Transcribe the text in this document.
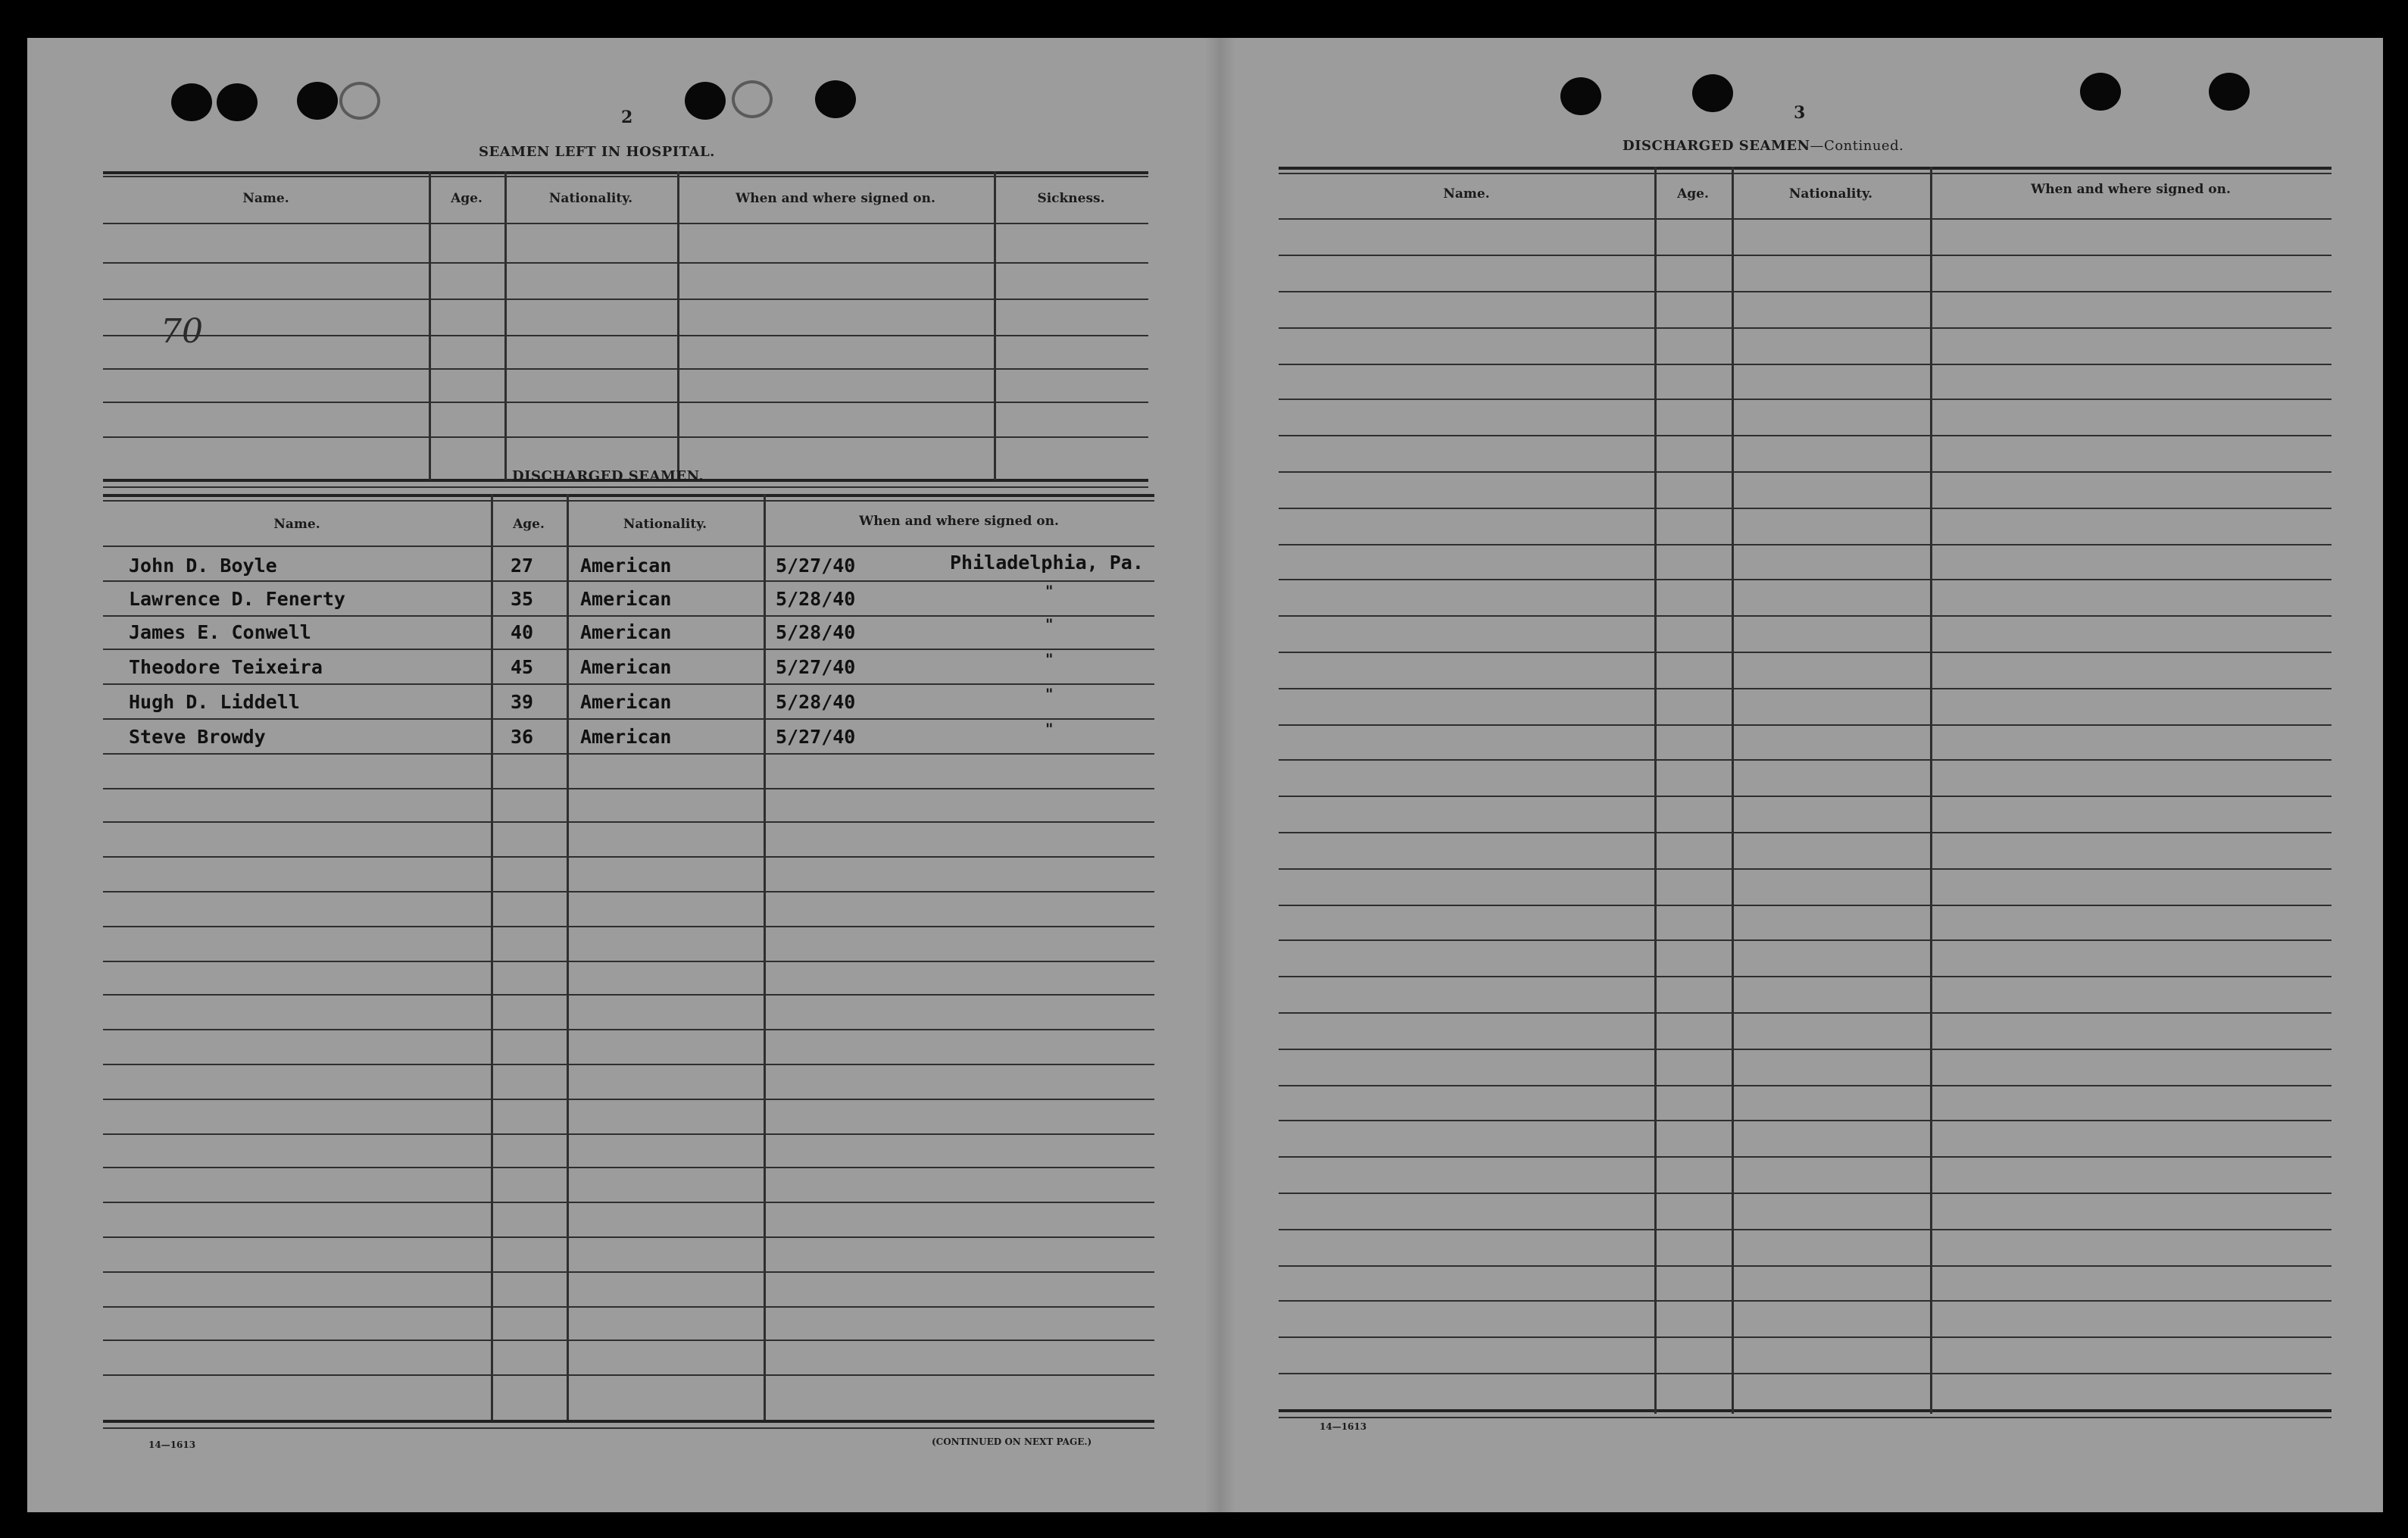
2
SEAMEN LEFT IN HOSPITAL.
Name.	Age.	Nationality.	When and where signed on.	Sickness.
70
DISCHARGED SEAMEN.
Name.	Age.	Nationality.	When and where signed on.
John D. Boyle	27 American	5/27/40	Philadelphia, Pa.
Lawrence D. Fenerty	35 American	5/28/40	"
James E. Conwell	40 American	5/28/40	"
Theodore Teixeira	45 American	5/27/40	"
Hugh D. Liddell	39 American	5/28/40	"
Steve Browdy	36 American	5/27/40	"
14—1613	(CONTINUED ON NEXT PAGE.)
3
DISCHARGED SEAMEN—Continued.
Name.	Age.	Nationality.	When and where signed on.
14—1613
